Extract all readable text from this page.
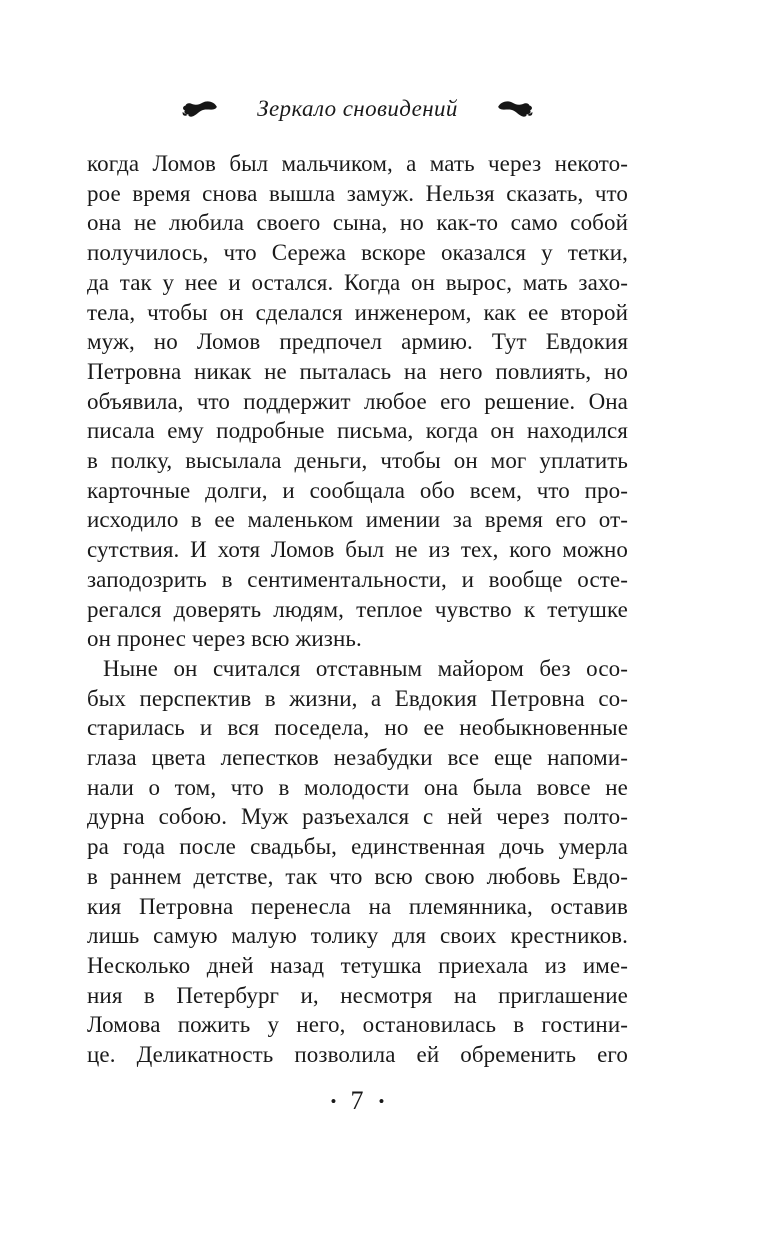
Зеркало сновидений
когда Ломов был мальчиком, а мать через некото-
рое время снова вышла замуж. Нельзя сказать, что
она не любила своего сына, но как-то само собой
получилось, что Сережа вскоре оказался у тетки,
да так у нее и остался. Когда он вырос, мать захо-
тела, чтобы он сделался инженером, как ее второй
муж, но Ломов предпочел армию. Тут Евдокия
Петровна никак не пыталась на него повлиять, но
объявила, что поддержит любое его решение. Она
писала ему подробные письма, когда он находился
в полку, высылала деньги, чтобы он мог уплатить
карточные долги, и сообщала обо всем, что про-
исходило в ее маленьком имении за время его от-
сутствия. И хотя Ломов был не из тех, кого можно
заподозрить в сентиментальности, и вообще осте-
регался доверять людям, теплое чувство к тетушке
он пронес через всю жизнь.
Ныне он считался отставным майором без осо-
бых перспектив в жизни, а Евдокия Петровна со-
старилась и вся поседела, но ее необыкновенные
глаза цвета лепестков незабудки все еще напоми-
нали о том, что в молодости она была вовсе не
дурна собою. Муж разъехался с ней через полто-
ра года после свадьбы, единственная дочь умерла
в раннем детстве, так что всю свою любовь Евдо-
кия Петровна перенесла на племянника, оставив
лишь самую малую толику для своих крестников.
Несколько дней назад тетушка приехала из име-
ния в Петербург и, несмотря на приглашение
Ломова пожить у него, остановилась в гостини-
це. Деликатность позволила ей обременить его
• 7 •
